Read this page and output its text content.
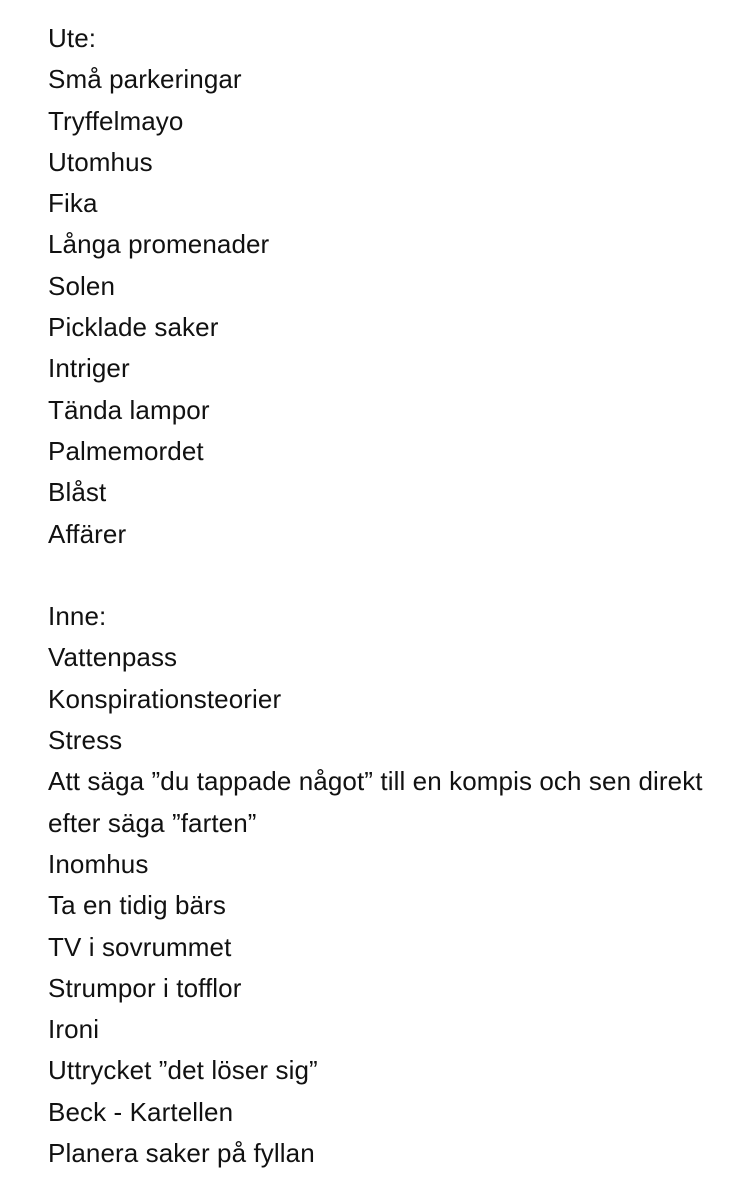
Ute:
Små parkeringar
Tryffelmayo
Utomhus
Fika
Långa promenader
Solen
Picklade saker
Intriger
Tända lampor
Palmemordet
Blåst
Affärer
Inne:
Vattenpass
Konspirationsteorier
Stress
Att säga ”du tappade något” till en kompis och sen direkt efter säga ”farten”
Inomhus
Ta en tidig bärs
TV i sovrummet
Strumpor i tofflor
Ironi
Uttrycket ”det löser sig”
Beck - Kartellen
Planera saker på fyllan
